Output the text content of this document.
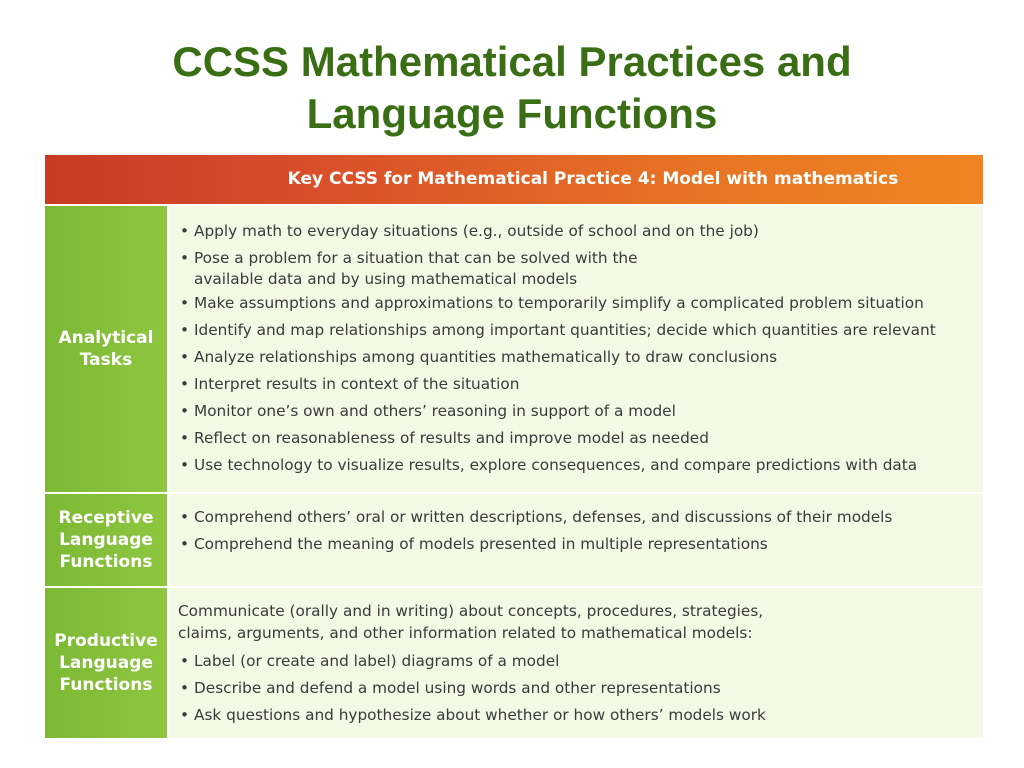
CCSS Mathematical Practices and
Language Functions
Key CCSS for Mathematical Practice 4: Model with mathematics
Analytical
Tasks
• Apply math to everyday situations (e.g., outside of school and on the job)
• Pose a problem for a situation that can be solved with the
available data and by using mathematical models
• Make assumptions and approximations to temporarily simplify a complicated problem situation
• Identify and map relationships among important quantities; decide which quantities are relevant
• Analyze relationships among quantities mathematically to draw conclusions
• Interpret results in context of the situation
• Monitor one’s own and others’ reasoning in support of a model
• Reflect on reasonableness of results and improve model as needed
• Use technology to visualize results, explore consequences, and compare predictions with data
Receptive
Language
Functions
• Comprehend others’ oral or written descriptions, defenses, and discussions of their models
• Comprehend the meaning of models presented in multiple representations
Productive
Language
Functions
Communicate (orally and in writing) about concepts, procedures, strategies,
claims, arguments, and other information related to mathematical models:
• Label (or create and label) diagrams of a model
• Describe and defend a model using words and other representations
• Ask questions and hypothesize about whether or how others’ models work
